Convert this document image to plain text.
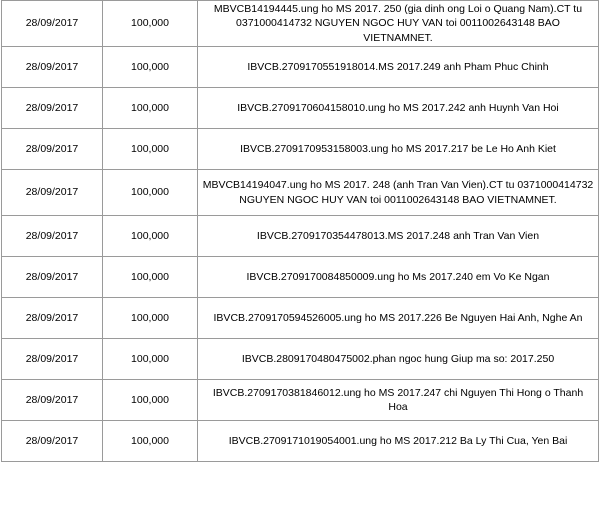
28/09/2017	100,000	MBVCB14194445.ung ho MS 2017. 250 (gia dinh ong Loi o Quang Nam).CT tu 0371000414732 NGUYEN NGOC HUY VAN toi 0011002643148 BAO VIETNAMNET.
28/09/2017	100,000	IBVCB.2709170551918014.MS 2017.249 anh Pham Phuc Chinh
28/09/2017	100,000	IBVCB.2709170604158010.ung ho MS 2017.242 anh Huynh Van Hoi
28/09/2017	100,000	IBVCB.2709170953158003.ung ho MS 2017.217 be Le Ho Anh Kiet
28/09/2017	100,000	MBVCB14194047.ung ho MS 2017. 248 (anh Tran Van Vien).CT tu 0371000414732 NGUYEN NGOC HUY VAN toi 0011002643148 BAO VIETNAMNET.
28/09/2017	100,000	IBVCB.2709170354478013.MS 2017.248 anh Tran Van Vien
28/09/2017	100,000	IBVCB.2709170084850009.ung ho Ms 2017.240 em Vo Ke Ngan
28/09/2017	100,000	IBVCB.2709170594526005.ung ho MS 2017.226 Be Nguyen Hai Anh, Nghe An
28/09/2017	100,000	IBVCB.2809170480475002.phan ngoc hung Giup ma so: 2017.250
28/09/2017	100,000	IBVCB.2709170381846012.ung ho MS 2017.247 chi Nguyen Thi Hong o Thanh Hoa
28/09/2017	100,000	IBVCB.2709171019054001.ung ho MS 2017.212 Ba Ly Thi Cua, Yen Bai
